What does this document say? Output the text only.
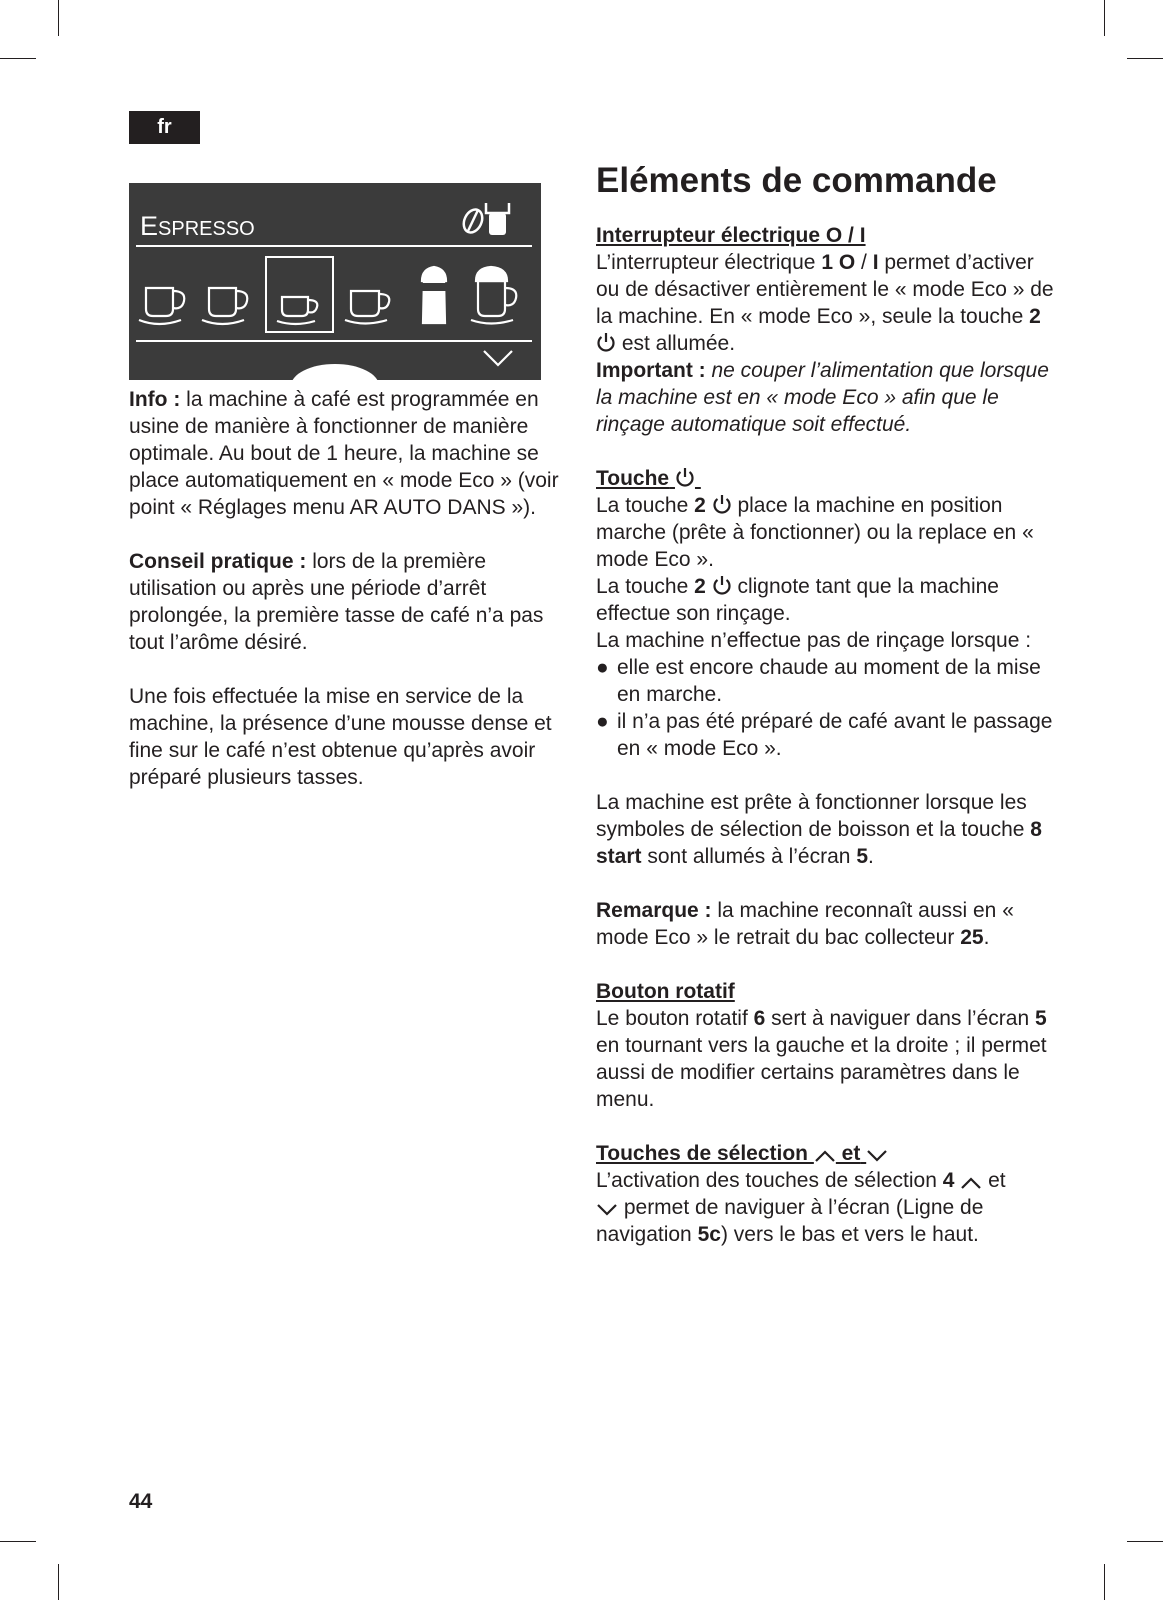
fr
ESPRESSO

Info : la machine à café est programmée en usine de manière à fonctionner de manière optimale. Au bout de 1 heure, la machine se place automatiquement en « mode Eco » (voir point « Réglages menu AR AUTO DANS »).

Conseil pratique : lors de la première utilisation ou après une période d’arrêt prolongée, la première tasse de café n’a pas tout l’arôme désiré.

Une fois effectuée la mise en service de la machine, la présence d’une mousse dense et fine sur le café n’est obtenue qu’après avoir préparé plusieurs tasses.

Eléments de commande

Interrupteur électrique O / I

L’interrupteur électrique 1 O / I permet d’activer ou de désactiver entièrement le « mode Eco » de la machine. En « mode Eco », seule la touche 2  est allumée.

Important : ne couper l’alimentation que lorsque la machine est en « mode Eco » afin que le rinçage automatique soit effectué.

Touche

La touche 2  place la machine en position marche (prête à fonctionner) ou la replace en « mode Eco ».

La touche 2  clignote tant que la machine effectue son rinçage.

La machine n’effectue pas de rinçage lorsque :

● elle est encore chaude au moment de la mise en marche.
● il n’a pas été préparé de café avant le passage en « mode Eco ».

La machine est prête à fonctionner lorsque les symboles de sélection de boisson et la touche 8 start sont allumés à l’écran 5.

Remarque : la machine reconnaît aussi en « mode Eco » le retrait du bac collecteur 25.

Bouton rotatif

Le bouton rotatif 6 sert à naviguer dans l’écran 5 en tournant vers la gauche et la droite ; il permet aussi de modifier certains paramètres dans le menu.

Touches de sélection  et

L’activation des touches de sélection 4  et
permet de naviguer à l’écran (Ligne de navigation 5c) vers le bas et vers le haut.

44
